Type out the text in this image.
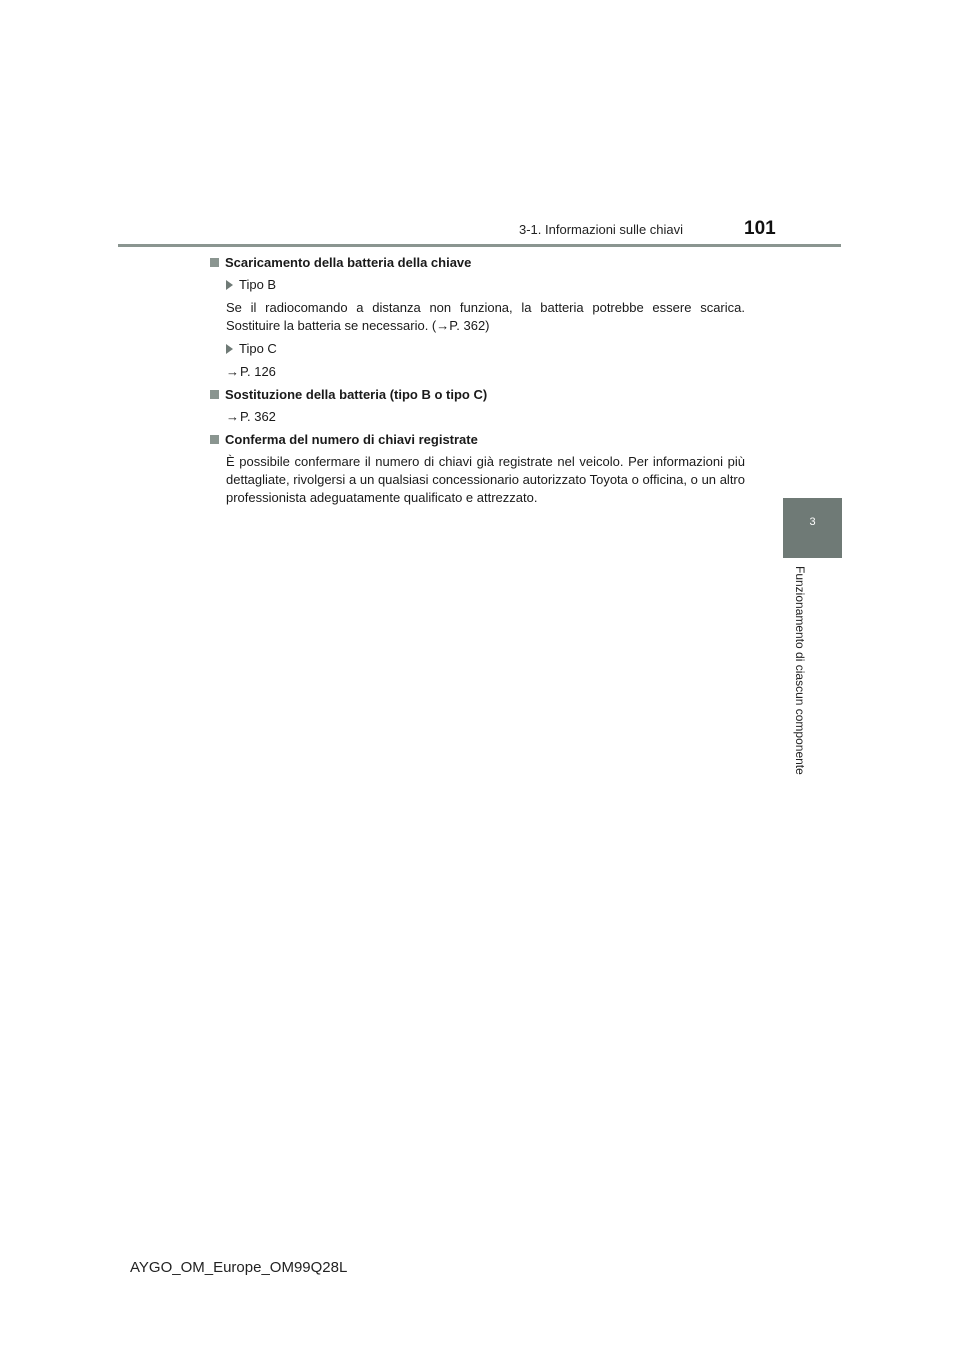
3-1. Informazioni sulle chiavi	101
3
Funzionamento di ciascun componente

Scaricamento della batteria della chiave

Tipo B

Se il radiocomando a distanza non funziona, la batteria potrebbe essere scarica. Sostituire la batteria se necessario. (→P. 362)

Tipo C

→P. 126

Sostituzione della batteria (tipo B o tipo C)

→P. 362

Conferma del numero di chiavi registrate

È possibile confermare il numero di chiavi già registrate nel veicolo. Per informazioni più dettagliate, rivolgersi a un qualsiasi concessionario autorizzato Toyota o officina, o un altro professionista adeguatamente qualificato e attrezzato.

AYGO_OM_Europe_OM99Q28L
